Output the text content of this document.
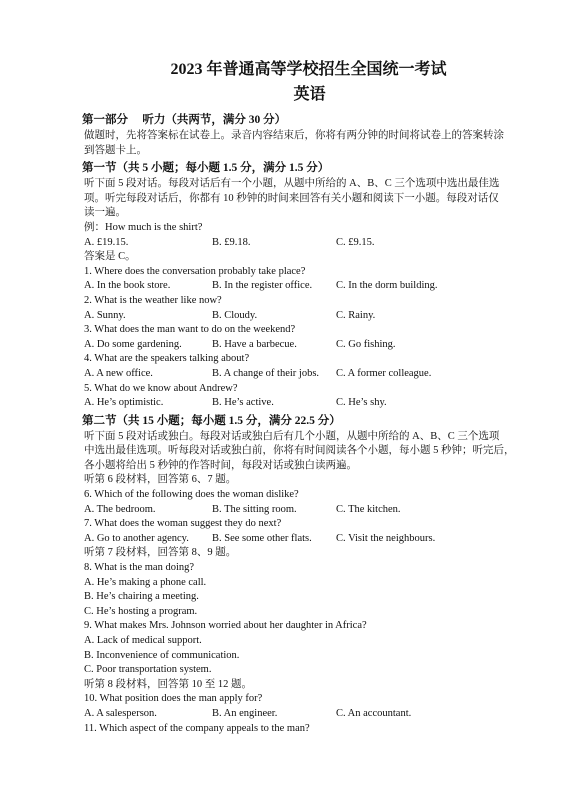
2023 年普通高等学校招生全国统一考试
英语
第一部分　 听力（共两节，满分 30 分）

做题时，先将答案标在试卷上。录音内容结束后，你将有两分钟的时间将试卷上的答案转涂

到答题卡上。

第一节（共 5 小题；每小题 1.5 分，满分 1.5 分）

听下面 5 段对话。每段对话后有一个小题，从题中所给的 A、B、C 三个选项中选出最佳选

项。听完每段对话后，你都有 10 秒钟的时间来回答有关小题和阅读下一小题。每段对话仅

读一遍。

例：How much is the shirt?

A. £19.15.	B. £9.18.	C. £9.15.

答案是 C。

1. Where does the conversation probably take place?

A. In the book store.	B. In the register office.	C. In the dorm building.

2. What is the weather like now?

A. Sunny.	B. Cloudy.	C. Rainy.

3. What does the man want to do on the weekend?

A. Do some gardening.	B. Have a barbecue.	C. Go fishing.

4. What are the speakers talking about?

A. A new office.	B. A change of their jobs.	C. A former colleague.

5. What do we know about Andrew?

A. He’s optimistic.	B. He’s active.	C. He’s shy.
第二节（共 15 小题；每小题 1.5 分，满分 22.5 分）

听下面 5 段对话或独白。每段对话或独白后有几个小题，从题中所给的 A、B、C 三个选项

中选出最佳选项。听每段对话或独白前，你将有时间阅读各个小题，每小题 5 秒钟；听完后，

各小题将给出 5 秒钟的作答时间，每段对话或独白读两遍。

听第 6 段材料，回答第 6、7 题。

6. Which of the following does the woman dislike?

A. The bedroom.	B. The sitting room.	C. The kitchen.

7. What does the woman suggest they do next?

A. Go to another agency.	B. See some other flats.	C. Visit the neighbours.

听第 7 段材料，回答第 8、9 题。

8. What is the man doing?

A. He’s making a phone call.

B. He’s chairing a meeting.

C. He’s hosting a program.

9. What makes Mrs. Johnson worried about her daughter in Africa?

A. Lack of medical support.

B. Inconvenience of communication.

C. Poor transportation system.

听第 8 段材料，回答第 10 至 12 题。

10. What position does the man apply for?

A. A salesperson.	B. An engineer.	C. An accountant.

11. Which aspect of the company appeals to the man?
